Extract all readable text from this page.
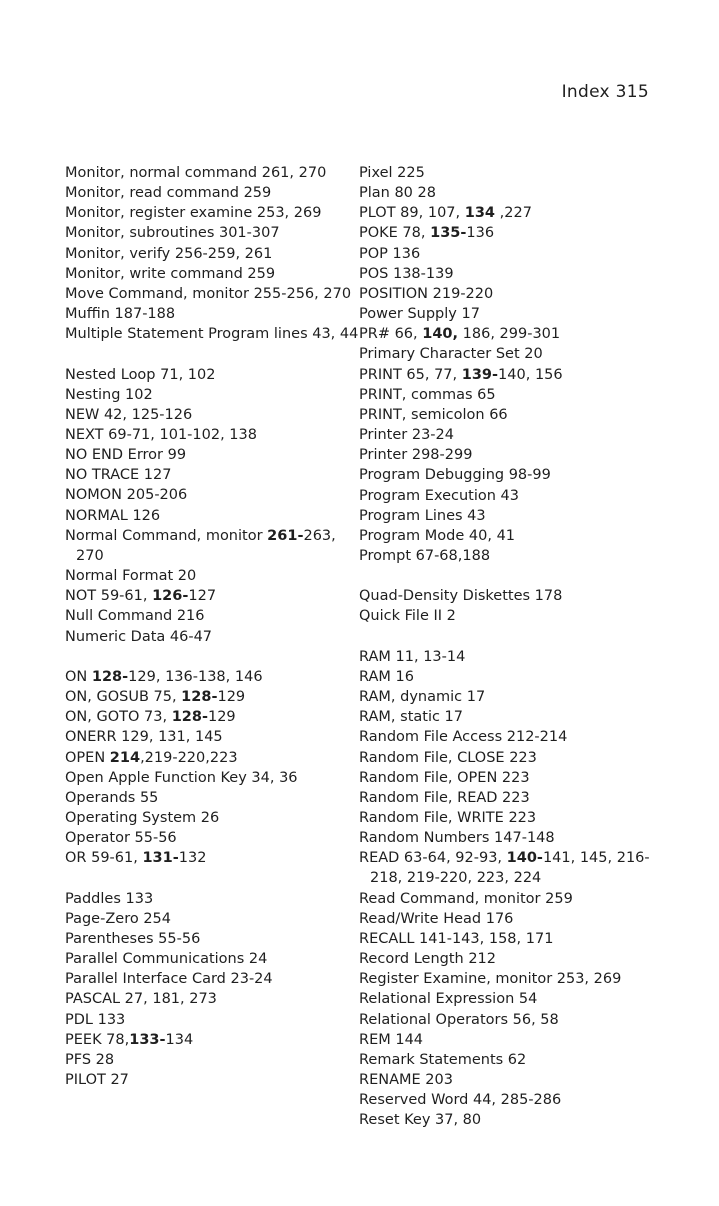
Index 315
Monitor, normal command 261, 270
Monitor, read command 259
Monitor, register examine 253, 269
Monitor, subroutines 301-307
Monitor, verify 256-259, 261
Monitor, write command 259
Move Command, monitor 255-256, 270
Muffin 187-188
Multiple Statement Program lines 43, 44
Nested Loop 71, 102
Nesting 102
NEW 42, 125-126
NEXT 69-71, 101-102, 138
NO END Error 99
NO TRACE 127
NOMON 205-206
NORMAL 126
Normal Command, monitor 261-263, 270
Normal Format 20
NOT 59-61, 126-127
Null Command 216
Numeric Data 46-47
ON 128-129, 136-138, 146
ON, GOSUB 75, 128-129
ON, GOTO 73, 128-129
ONERR 129, 131, 145
OPEN 214,219-220,223
Open Apple Function Key 34, 36
Operands 55
Operating System 26
Operator 55-56
OR 59-61, 131-132
Paddles 133
Page-Zero 254
Parentheses 55-56
Parallel Communications 24
Parallel Interface Card 23-24
PASCAL 27, 181, 273
PDL 133
PEEK 78,133-134
PFS 28
PILOT 27
Pixel 225
Plan 80 28
PLOT 89, 107, 134 ,227
POKE 78, 135-136
POP 136
POS 138-139
POSITION 219-220
Power Supply 17
PR# 66, 140, 186, 299-301
Primary Character Set 20
PRINT 65, 77, 139-140, 156
PRINT, commas 65
PRINT, semicolon 66
Printer 23-24
Printer 298-299
Program Debugging 98-99
Program Execution 43
Program Lines 43
Program Mode 40, 41
Prompt 67-68,188
Quad-Density Diskettes 178
Quick File II 2
RAM 11, 13-14
RAM 16
RAM, dynamic 17
RAM, static 17
Random File Access 212-214
Random File, CLOSE 223
Random File, OPEN 223
Random File, READ 223
Random File, WRITE 223
Random Numbers 147-148
READ 63-64, 92-93, 140-141, 145, 216-218, 219-220, 223, 224
Read Command, monitor 259
Read/Write Head 176
RECALL 141-143, 158, 171
Record Length 212
Register Examine, monitor 253, 269
Relational Expression 54
Relational Operators 56, 58
REM 144
Remark Statements 62
RENAME 203
Reserved Word 44, 285-286
Reset Key 37, 80
